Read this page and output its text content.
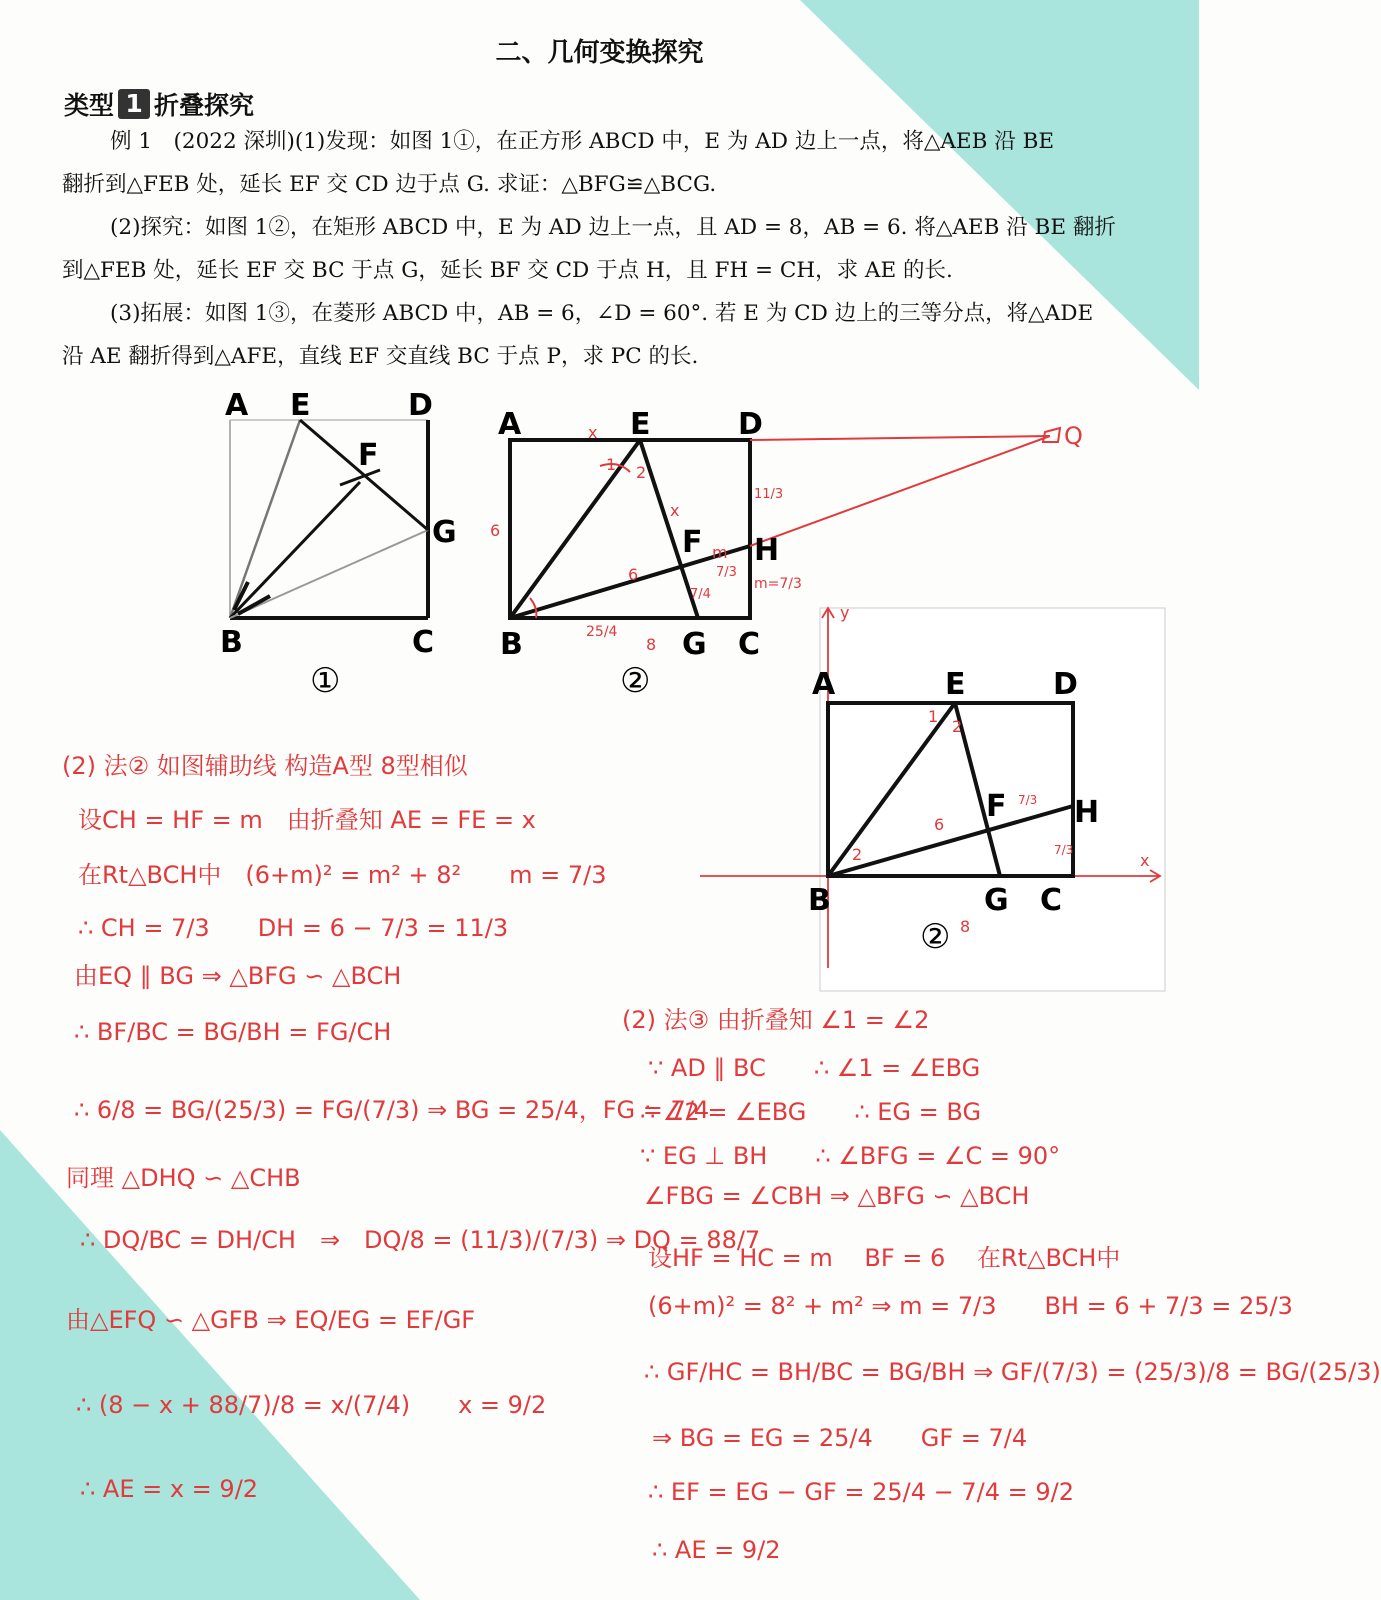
二、几何变换探究
类型 1 折叠探究
例 1　(2022 深圳)(1)发现：如图 1①，在正方形 ABCD 中，E 为 AD 边上一点，将△AEB 沿 BE
翻折到△FEB 处，延长 EF 交 CD 边于点 G. 求证：△BFG≌△BCG.
(2)探究：如图 1②，在矩形 ABCD 中，E 为 AD 边上一点，且 AD = 8，AB = 6. 将△AEB 沿 BE 翻折
到△FEB 处，延长 EF 交 BC 于点 G，延长 BF 交 CD 于点 H，且 FH = CH，求 AE 的长.
(3)拓展：如图 1③，在菱形 ABCD 中，AB = 6，∠D = 60°. 若 E 为 CD 边上的三等分点，将△ADE
沿 AE 翻折得到△AFE，直线 EF 交直线 BC 于点 P，求 PC 的长.
A E	D
F
G
B	C
①
A	E	D
F H
B	G C
Q
②
x
1 2
x
6
6
11/3
m
7/3
m=7/3
7/4
25/4
8
A	E	D
F H
B	G C
②
y
x
1
2
2
6
7/3
7/3
8
(2) 法② 如图辅助线 构造A型 8型相似
设CH = HF = m　由折叠知 AE = FE = x
在Rt△BCH中　(6+m)² = m² + 8²　　m = 7/3
∴ CH = 7/3　　DH = 6 − 7/3 = 11/3
由EQ ∥ BG ⇒ △BFG ∽ △BCH
∴ BF/BC = BG/BH = FG/CH
∴ 6/8 = BG/(25/3) = FG/(7/3) ⇒ BG = 25/4，FG = 7/4
同理 △DHQ ∽ △CHB
∴ DQ/BC = DH/CH　⇒　DQ/8 = (11/3)/(7/3) ⇒ DQ = 88/7
由△EFQ ∽ △GFB ⇒ EQ/EG = EF/GF
∴ (8 − x + 88/7)/8 = x/(7/4)　　x = 9/2
∴ AE = x = 9/2
(2) 法③ 由折叠知 ∠1 = ∠2
∵ AD ∥ BC　　∴ ∠1 = ∠EBG
∴ ∠2 = ∠EBG　　∴ EG = BG
∵ EG ⊥ BH　　∴ ∠BFG = ∠C = 90°
∠FBG = ∠CBH ⇒ △BFG ∽ △BCH
设HF = HC = m　 BF = 6　 在Rt△BCH中
(6+m)² = 8² + m² ⇒ m = 7/3　　BH = 6 + 7/3 = 25/3
∴ GF/HC = BH/BC = BG/BH ⇒ GF/(7/3) = (25/3)/8 = BG/(25/3)
⇒ BG = EG = 25/4　　GF = 7/4
∴ EF = EG − GF = 25/4 − 7/4 = 9/2
∴ AE = 9/2
